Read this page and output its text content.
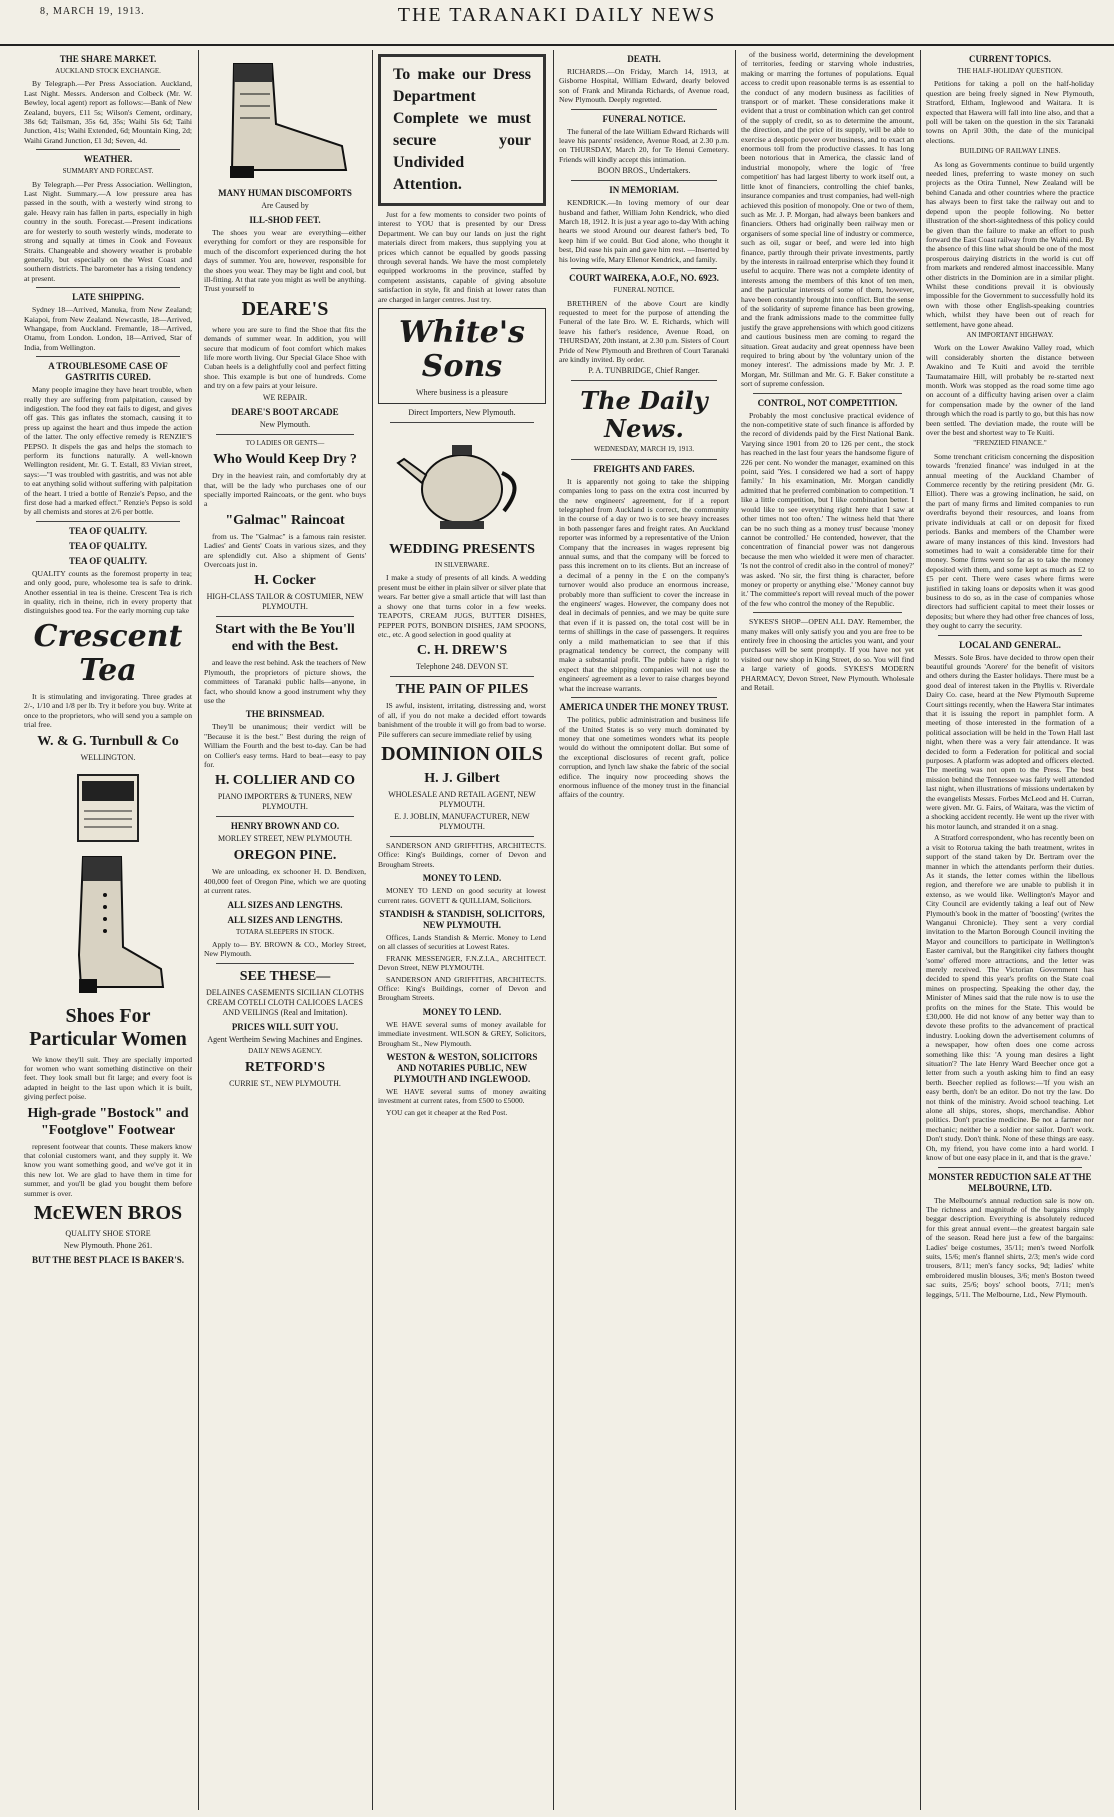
8, MARCH 19, 1913.	THE TARANAKI DAILY NEWS
THE SHARE MARKET.
AUCKLAND STOCK EXCHANGE.
By Telegraph.—Per Press Association. Auckland, Last Night. Messrs. Anderson and Colbeck (Mr. W. Bewley, local agent) report as follows:—Bank of New Zealand, buyers, £11 5s; Wilson's Cement, ordinary, 38s 6d; Tailsman, 35s 6d, 35s; Waihi 5ls 6d; Taihi Junction, 41s; Waihi Extended, 6d; Mountain King, 2d; Waihi Grand Junction, £1 3d; Seven, 4d.
WEATHER.
SUMMARY AND FORECAST.
By Telegraph.—Per Press Association. Wellington, Last Night. Summary.—A low pressure area has passed in the south, with a westerly wind strong to gale. Heavy rain has fallen in parts, especially in high country in the south. Forecast.—Present indications are for westerly to south westerly winds, moderate to strong and squally at times in Cook and Foveaux Straits. Changeable and showery weather is probable generally, but especially on the West Coast and southern districts. The barometer has a rising tendency at present.
LATE SHIPPING.
Sydney 18—Arrived, Manuka, from New Zealand; Kaiapoi, from New Zealand. Newcastle, 18—Arrived, Whangape, from Auckland. Fremantle, 18—Arrived, Otamu, from London. London, 18—Arrived, Star of India, from Wellington.
A TROUBLESOME CASE OF GASTRITIS CURED.
Many people imagine they have heart trouble, when really they are suffering from palpitation, caused by indigestion. The food they eat fails to digest, and gives off gas. This gas inflates the stomach, causing it to press up against the heart and thus impede the action of the latter. The only effective remedy is RENZIE'S PEPSO. It dispels the gas and helps the stomach to perform its functions naturally. A well-known Wellington resident, Mr. G. T. Estall, 83 Vivian street, says:—"I was troubled with gastritis, and was not able to eat anything solid without suffering with palpitation of the heart. I tried a bottle of Renzie's Pepso, and the first dose had a marked effect." Renzie's Pepso is sold by all chemists and stores at 2/6 per bottle.
TEA OF QUALITY.
TEA OF QUALITY.
TEA OF QUALITY.
QUALITY counts as the foremost property in tea; and only good, pure, wholesome tea is safe to drink. Another essential in tea is theine. Crescent Tea is rich in quality, rich in theine, rich in every property that distinguishes good tea. For the early morning cup take
Crescent Tea
It is stimulating and invigorating. Three grades at 2/-, 1/10 and 1/8 per lb. Try it before you buy. Write at once to the proprietors, who will send you a sample on trial free.
W. & G. Turnbull & Co
WELLINGTON.
Shoes For Particular Women
We know they'll suit. They are specially imported for women who want something distinctive on their feet. They look small but fit large; and every foot is adapted in height to the last upon which it is built, giving perfect poise.
High-grade "Bostock" and "Footglove" Footwear
represent footwear that counts. These makers know that colonial customers want, and they supply it. We know you want something good, and we've got it in this new lot. We are glad to have them in time for summer, and you'll be glad you bought them before summer is over.
McEWEN BROS
QUALITY SHOE STORE
New Plymouth. Phone 261.
BUT THE BEST PLACE IS BAKER'S.
MANY HUMAN DISCOMFORTS
Are Caused by
ILL-SHOD FEET.
The shoes you wear are everything—either everything for comfort or they are responsible for much of the discomfort experienced during the hot days of summer. You are, however, responsible for the shoes you wear. They may be light and cool, but ill-fitting. At that rate you might as well be anything. Trust yourself to
DEARE'S
where you are sure to find the Shoe that fits the demands of summer wear. In addition, you will secure that modicum of foot comfort which makes life more worth living. Our Special Glace Shoe with Cuban heels is a delightfully cool and perfect fitting shoe. This example is but one of hundreds. Come and try on a few pairs at your leisure.
WE REPAIR.
DEARE'S BOOT ARCADE
New Plymouth.
TO LADIES OR GENTS—
Who Would Keep Dry ?
Dry in the heaviest rain, and comfortably dry at that, will be the lady who purchases one of our specially imported Raincoats, or the gent. who buys a
"Galmac" Raincoat
from us. The "Galmac" is a famous rain resister. Ladies' and Gents' Coats in various sizes, and they are splendidly cut. Also a shipment of Gents' Overcoats just in.
H. Cocker
HIGH-CLASS TAILOR & COSTUMIER, NEW PLYMOUTH.
Start with the Be You'll end with the Best.
and leave the rest behind. Ask the teachers of New Plymouth, the proprietors of picture shows, the committees of Taranaki public halls—anyone, in fact, who should know a good instrument why they use the
THE BRINSMEAD.
They'll be unanimous; their verdict will be "Because it is the best." Best during the reign of William the Fourth and the best to-day. Can be had on Collier's easy terms. Hard to beat—easy to pay for.
H. COLLIER AND CO
PIANO IMPORTERS & TUNERS, NEW PLYMOUTH.
HENRY BROWN AND CO.
MORLEY STREET, NEW PLYMOUTH.
OREGON PINE.
We are unloading, ex schooner H. D. Bendixen, 400,000 feet of Oregon Pine, which we are quoting at current rates.
ALL SIZES AND LENGTHS.
ALL SIZES AND LENGTHS.
TOTARA SLEEPERS IN STOCK.
Apply to— BY. BROWN & CO., Morley Street, New Plymouth.
SEE THESE—
DELAINES CASEMENTS SICILIAN CLOTHS CREAM COTELI CLOTH CALICOES LACES AND VEILINGS (Real and Imitation).
PRICES WILL SUIT YOU.
Agent Wertheim Sewing Machines and Engines.
DAILY NEWS AGENCY.
RETFORD'S
CURRIE ST., NEW PLYMOUTH.
To make our Dress Department Complete we must secure your Undivided Attention.
Just for a few moments to consider two points of interest to YOU that is presented by our Dress Department. We can buy our lands on just the right materials direct from makers, thus supplying you at prices which cannot be equalled by goods passing through several hands. We have the most completely equipped workrooms in the province, staffed by competent assistants, capable of giving absolute satisfaction in style, fit and finish at lower rates than are charged in larger centres. Just try.
White's Sons
Where business is a pleasure
Direct Importers, New Plymouth.
WEDDING PRESENTS
IN SILVERWARE.
I make a study of presents of all kinds. A wedding present must be either in plain silver or silver plate that wears. Far better give a small article that will last than a showy one that turns color in a few weeks. TEAPOTS, CREAM JUGS, BUTTER DISHES, PEPPER POTS, BONBON DISHES, JAM SPOONS, etc., etc. A good selection in good quality at
C. H. DREW'S
Telephone 248. DEVON ST.
THE PAIN OF PILES
IS awful, insistent, irritating, distressing and, worst of all, if you do not make a decided effort towards banishment of the trouble it will go from bad to worse. Pile sufferers can secure immediate relief by using
DOMINION OILS
H. J. Gilbert
WHOLESALE AND RETAIL AGENT, NEW PLYMOUTH.
E. J. JOBLIN, MANUFACTURER, NEW PLYMOUTH.
SANDERSON AND GRIFFITHS, ARCHITECTS. Office: King's Buildings, corner of Devon and Brougham Streets.
MONEY TO LEND.
MONEY TO LEND on good security at lowest current rates. GOVETT & QUILLIAM, Solicitors.
STANDISH & STANDISH, SOLICITORS, NEW PLYMOUTH.
Offices, Lands Standish & Merric. Money to Lend on all classes of securities at Lowest Rates.
FRANK MESSENGER, F.N.Z.I.A., ARCHITECT. Devon Street, NEW PLYMOUTH.
SANDERSON AND GRIFFITHS, ARCHITECTS. Office: King's Buildings, corner of Devon and Brougham Streets.
MONEY TO LEND.
WE HAVE several sums of money available for immediate investment. WILSON & GREY, Solicitors, Brougham St., New Plymouth.
WESTON & WESTON, SOLICITORS AND NOTARIES PUBLIC, NEW PLYMOUTH AND INGLEWOOD.
WE HAVE several sums of money awaiting investment at current rates, from £500 to £5000.
YOU can get it cheaper at the Red Post.
DEATH.
RICHARDS.—On Friday, March 14, 1913, at Gisborne Hospital, William Edward, dearly beloved son of Frank and Miranda Richards, of Avenue road, New Plymouth. Deeply regretted.
FUNERAL NOTICE.
The funeral of the late William Edward Richards will leave his parents' residence, Avenue Road, at 2.30 p.m. on THURSDAY, March 20, for Te Henui Cemetery. Friends will kindly accept this intimation.
BOON BROS., Undertakers.
IN MEMORIAM.
KENDRICK.—In loving memory of our dear husband and father, William John Kendrick, who died March 18, 1912. It is just a year ago to-day With aching hearts we stood Around our dearest father's bed, To keep him if we could. But God alone, who thought it best, Did ease his pain and gave him rest. —Inserted by his loving wife, Mary Ellenor Kendrick, and family.
COURT WAIREKA, A.O.F., NO. 6923.
FUNERAL NOTICE.
BRETHREN of the above Court are kindly requested to meet for the purpose of attending the Funeral of the late Bro. W. E. Richards, which will leave his father's residence, Avenue Road, on THURSDAY, 20th instant, at 2.30 p.m. Sisters of Court Pride of New Plymouth and Brethren of Court Taranaki are kindly invited. By order.
P. A. TUNBRIDGE, Chief Ranger.
The Daily News.
WEDNESDAY, MARCH 19, 1913.
FREIGHTS AND FARES.
It is apparently not going to take the shipping companies long to pass on the extra cost incurred by the new engineers' agreement, for if a report telegraphed from Auckland is correct, the community in the course of a day or two is to see heavy increases in both passenger fares and freight rates. An Auckland reporter was informed by a representative of the Union Company that the increases in wages represent big annual sums, and that the company will be forced to pass this increment on to its clients. But an increase of a decimal of a penny in the £ on the company's turnover would also produce an enormous increase, probably more than sufficient to cover the increase in the engineers' wages. However, the company does not deal in decimals of pennies, and we may be quite sure that even if it is passed on, the total cost will be in terms of shillings in the case of passengers. It requires only a mild mathematician to see that if this pragmatical tendency be correct, the company will make a substantial profit. The public have a right to expect that the shipping companies will not use the engineers' agreement as a lever to raise charges beyond what the increase warrants.
AMERICA UNDER THE MONEY TRUST.
The politics, public administration and business life of the United States is so very much dominated by money that one sometimes wonders what its people would do without the omnipotent dollar. But some of the exceptional disclosures of recent graft, police corruption, and lynch law shake the fabric of the social edifice. The inquiry now proceeding shows the enormous influence of the money trust in the financial affairs of the country.
of the business world, determining the development of territories, feeding or starving whole industries, making or marring the fortunes of populations. Equal access to credit upon reasonable terms is as essential to the conduct of any modern business as facilities of transport or of market. These considerations make it evident that a trust or combination which can get control of the supply of credit, so as to determine the amount, the direction, and the price of its supply, will be able to exercise a despotic power over business, and to exact an enormous toll from the productive classes. It has long been notorious that in America, the classic land of industrial monopoly, where the logic of 'free competition' has had largest liberty to work itself out, a little knot of financiers, controlling the chief banks, insurance companies and trust companies, had well-nigh achieved this position of monopoly. One or two of them, such as Mr. J. P. Morgan, had always been bankers and financiers. Others had originally been railway men or organisers of some special line of industry or commerce, such as oil, sugar or beef, and were led into high finance, partly through their private investments, partly by the interests in railroad enterprise which they found it useful to acquire. There was not a complete identity of interests among the members of this knot of ten men, and the particular interests of some of them, however, have been constantly brought into conflict. But the sense of the solidarity of supreme finance has been growing, and the frank admissions made to the committee fully justify the grave apprehensions with which good citizens and cautious business men are coming to regard the situation. Great audacity and great openness have been required to bring about by 'the voluntary union of the money interest'. The admissions made by Mr. J. P. Morgan, Mr. Stillman and Mr. G. F. Baker constitute a sort of supreme confession.
CONTROL, NOT COMPETITION.
Probably the most conclusive practical evidence of the non-competitive state of such finance is afforded by the record of dividends paid by the First National Bank. Varying since 1901 from 20 to 126 per cent., the stock has reached in the last four years the handsome figure of 226 per cent. No wonder the manager, examined on this point, said 'Yes. I considered we had a sort of happy family.' In his examination, Mr. Morgan candidly admitted that he preferred combination to competition. 'I like a little competition, but I like combination better. I would like to see everything right here that I saw at other times not too often.' The witness held that 'there can be no such thing as a money trust' because 'money cannot be controlled.' He contended, however, that the concentration of financial power was not dangerous because the men who wielded it were men of character. 'Is not the control of credit also in the control of money?' was asked. 'No sir, the first thing is character, before money or property or anything else.' 'Money cannot buy it.' The committee's report will reveal much of the power of the few who control the money of the Republic.
SYKES'S SHOP—OPEN ALL DAY. Remember, the many makes will only satisfy you and you are free to be entirely free in choosing the articles you want, and your purchases will be sent promptly. If you have not yet visited our new shop in King Street, do so. You will find a large variety of goods. SYKES'S MODERN PHARMACY, Devon Street, New Plymouth. Wholesale and Retail.
CURRENT TOPICS.
THE HALF-HOLIDAY QUESTION.
Petitions for taking a poll on the half-holiday question are being freely signed in New Plymouth, Stratford, Eltham, Inglewood and Waitara. It is expected that Hawera will fall into line also, and that a poll will be taken on the question in the six Taranaki towns on April 30th, the date of the municipal elections.
BUILDING OF RAILWAY LINES.
As long as Governments continue to build urgently needed lines, preferring to waste money on such projects as the Otira Tunnel, New Zealand will be behind Canada and other countries where the practice has always been to first take the railway out and to depend upon the people following. No better illustration of the short-sightedness of this policy could be given than the failure to make an effort to push forward the East Coast railway from the Waihi end. By the absence of this line what should be one of the most prosperous dairying districts in the world is cut off from markets and rendered almost inaccessible. Many other districts in the Dominion are in a similar plight. Whilst these conditions prevail it is obviously impossible for the Government to successfully hold its own with those other English-speaking countries which, whilst they have been out of reach for settlement, have gone ahead.
AN IMPORTANT HIGHWAY.
Work on the Lower Awakino Valley road, which will considerably shorten the distance between Awakino and Te Kuiti and avoid the terrible Taumatamaire Hill, will probably be re-started next month. Work was stopped as the road some time ago on account of a difficulty having arisen over a claim for compensation made by the owner of the land through which the road is partly to go, but this has now been settled. The deviation made, the route will be over the best and shortest way to Te Kuiti.
"FRENZIED FINANCE."
Some trenchant criticism concerning the disposition towards 'frenzied finance' was indulged in at the annual meeting of the Auckland Chamber of Commerce recently by the retiring president (Mr. G. Elliot). There was a growing inclination, he said, on the part of many firms and limited companies to run overdrafts beyond their resources, and loans from private individuals at call or on deposit for fixed periods. Banks and members of the Chamber were aware of many instances of this kind. Investors had sometimes had to wait a considerable time for their money. Some firms went so far as to take the money deposited with them, and some kept as much as £2 to £5 per cent. There were cases where firms were justified in taking loans or deposits when it was good business to do so, as in the case of companies whose directors had sufficient capital to meet their losses or deposits; but where they had other free chances of loss, they ought to carry the security.
LOCAL AND GENERAL.
Messrs. Sole Bros. have decided to throw open their beautiful grounds 'Aorere' for the benefit of visitors and others during the Easter holidays. There must be a good deal of interest taken in the Phyllis v. Riverdale Dairy Co. case, heard at the New Plymouth Supreme Court sittings recently, when the Hawera Star intimates that it is issuing the report in pamphlet form. A meeting of those interested in the formation of a political association will be held in the Town Hall last night, when there was a very fair attendance. It was decided to form a Federation for political and social purposes. A platform was adopted and officers elected. The meeting was not open to the Press. The best mission behind the Tennessee was fairly well attended last night, when illustrations of missions undertaken by the evangelists Messrs. Forbes McLeod and H. Curran, were given. Mr. G. Fairs, of Waitara, was the victim of a shocking accident recently. He went up the river with his motor launch, and stranded it on a snag.
A Stratford correspondent, who has recently been on a visit to Rotorua taking the bath treatment, writes in support of the stand taken by Dr. Bertram over the manner in which the attendants perform their duties. As it stands, the letter comes within the libellous region, and therefore we are unable to publish it in extenso, as we would like. Wellington's Mayor and City Council are evidently taking a leaf out of New Plymouth's book in the matter of 'boosting' (writes the Wanganui Chronicle). They sent a very cordial invitation to the Marton Borough Council inviting the Mayor and councillors to participate in Wellington's Easter carnival, but the Rangitikei city fathers thought 'some' offered more attractions, and the letter was merely received. The Victorian Government has decided to spend this year's profits on the State coal mines on prospecting. Speaking the other day, the Minister of Mines said that the rule now is to use the profits on the mines for the State. This would be £30,000. He did not know of any better way than to devote these profits to the advancement of practical industry. Looking down the advertisement columns of a newspaper, how often does one come across something like this: 'A young man desires a light situation'? The late Henry Ward Beecher once got a letter from such a youth asking him to find an easy berth. Beecher replied as follows:—'If you wish an easy berth, don't be an editor. Do not try the law. Do not think of the ministry. Avoid school teaching. Let alone all ships, stores, shops, merchandise. Abhor politics. Don't practise medicine. Be not a farmer nor mechanic; neither be a soldier nor sailor. Don't work. Don't study. Don't think. None of these things are easy. Oh, my friend, you have come into a hard world. I know of but one easy place in it, and that is the grave.'
MONSTER REDUCTION SALE AT THE MELBOURNE, LTD.
The Melbourne's annual reduction sale is now on. The richness and magnitude of the bargains simply beggar description. Everything is absolutely reduced for this great annual event—the greatest bargain sale of the season. Read here just a few of the bargains: Ladies' beige costumes, 35/11; men's tweed Norfolk suits, 15/6; men's flannel shirts, 2/3; men's wide cord trousers, 8/11; men's fancy socks, 9d; ladies' white embroidered muslin blouses, 3/6; men's Boston tweed sac suits, 25/6; boys' school boots, 7/11; men's leggings, 5/11. The Melbourne, Ltd., New Plymouth.
